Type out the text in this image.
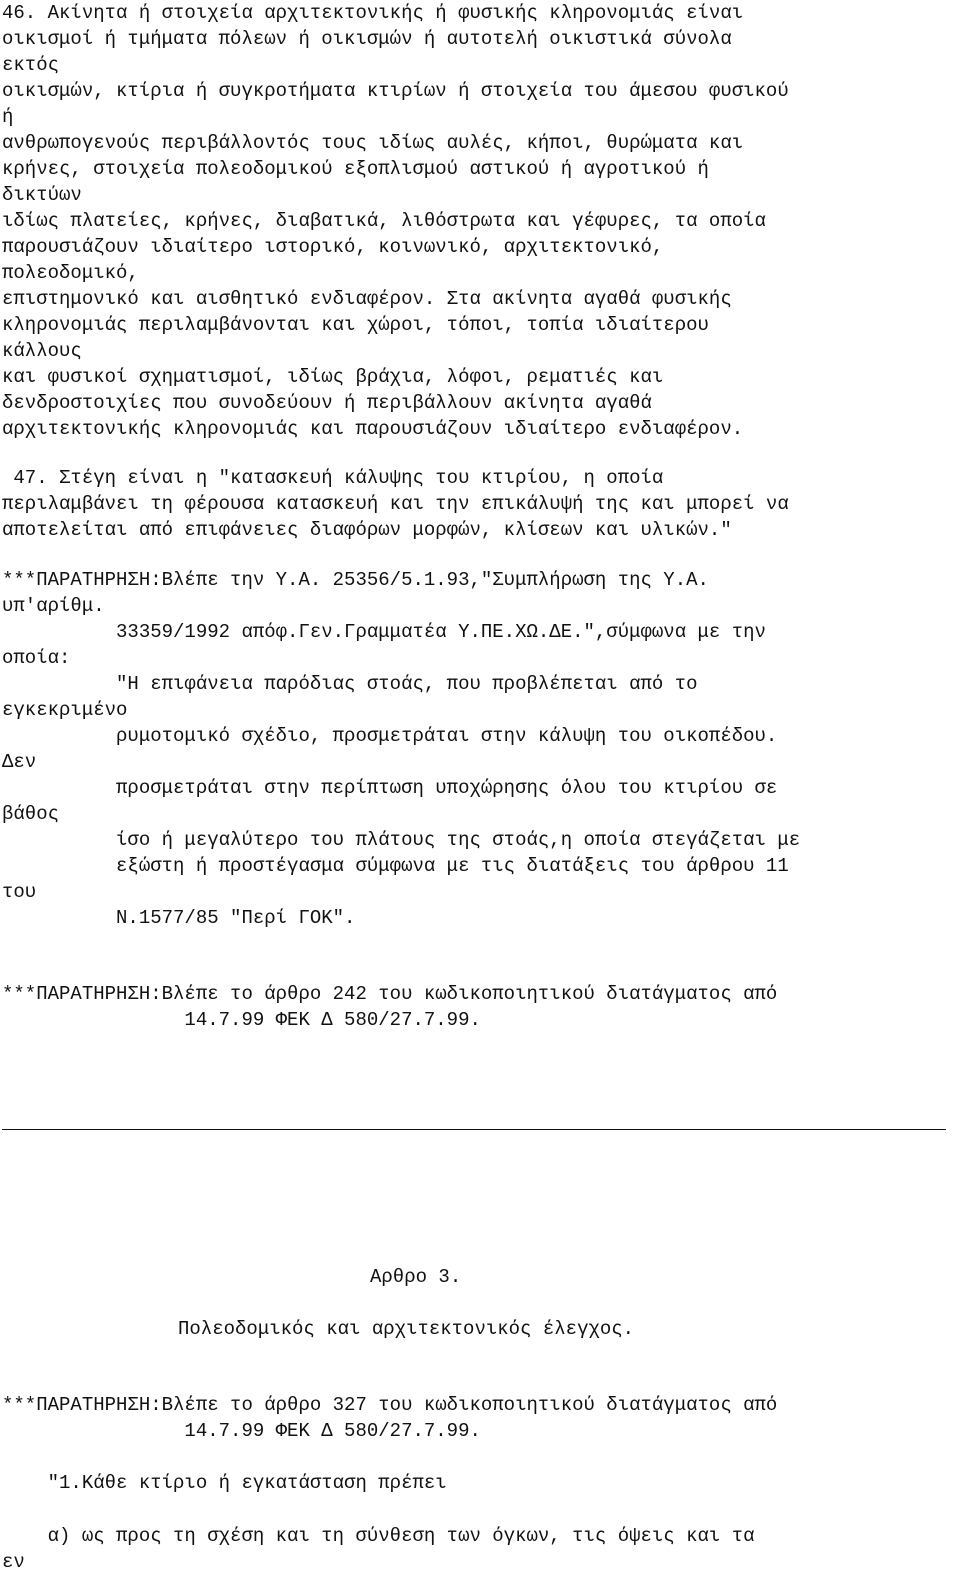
46. Ακίνητα ή στοιχεία αρχιτεκτονικής ή φυσικής κληρονομιάς είναι
οικισμοί ή τμήματα πόλεων ή οικισμών ή αυτοτελή οικιστικά σύνολα
εκτός
οικισμών, κτίρια ή συγκροτήματα κτιρίων ή στοιχεία του άμεσου φυσικού
ή
ανθρωπογενούς περιβάλλοντός τους ιδίως αυλές, κήποι, θυρώματα και
κρήνες, στοιχεία πολεοδομικού εξοπλισμού αστικού ή αγροτικού ή
δικτύων
ιδίως πλατείες, κρήνες, διαβατικά, λιθόστρωτα και γέφυρες, τα οποία
παρουσιάζουν ιδιαίτερο ιστορικό, κοινωνικό, αρχιτεκτονικό,
πολεοδομικό,
επιστημονικό και αισθητικό ενδιαφέρον. Στα ακίνητα αγαθά φυσικής
κληρονομιάς περιλαμβάνονται και χώροι, τόποι, τοπία ιδιαίτερου
κάλλους
και φυσικοί σχηματισμοί, ιδίως βράχια, λόφοι, ρεματιές και
δενδροστοιχίες που συνοδεύουν ή περιβάλλουν ακίνητα αγαθά
αρχιτεκτονικής κληρονομιάς και παρουσιάζουν ιδιαίτερο ενδιαφέρον.
47. Στέγη είναι η "κατασκευή κάλυψης του κτιρίου, η οποία
περιλαμβάνει τη φέρουσα κατασκευή και την επικάλυψή της και μπορεί να
αποτελείται από επιφάνειες διαφόρων μορφών, κλίσεων και υλικών."
***ΠΑΡΑΤΗΡΗΣΗ:Βλέπε την Υ.Α. 25356/5.1.93,"Συμπλήρωση της Υ.Α.
υπ'αρίθμ.
33359/1992 απόφ.Γεν.Γραμματέα Υ.ΠΕ.ΧΩ.ΔΕ.",σύμφωνα με την
οποία:
"Η επιφάνεια παρόδιας στοάς, που προβλέπεται από το
εγκεκριμένο
ρυμοτομικό σχέδιο, προσμετράται στην κάλυψη του οικοπέδου.
Δεν
προσμετράται στην περίπτωση υποχώρησης όλου του κτιρίου σε
βάθος
ίσο ή μεγαλύτερο του πλάτους της στοάς,η οποία στεγάζεται με
εξώστη ή προστέγασμα σύμφωνα με τις διατάξεις του άρθρου 11
του
Ν.1577/85 "Περί ΓΟΚ".
***ΠΑΡΑΤΗΡΗΣΗ:Βλέπε το άρθρο 242 του κωδικοποιητικού διατάγματος από
14.7.99 ΦΕΚ Δ 580/27.7.99.
***ΠΑΡΑΤΗΡΗΣΗ:Βλέπε το άρθρο 327 του κωδικοποιητικού διατάγματος από
14.7.99 ΦΕΚ Δ 580/27.7.99.
α) ως προς τη σχέση και τη σύνθεση των όγκων, τις όψεις και τα
εν
Αρθρο 3.
Πολεοδομικός και αρχιτεκτονικός έλεγχος.
"1.Κάθε κτίριο ή εγκατάσταση πρέπει
